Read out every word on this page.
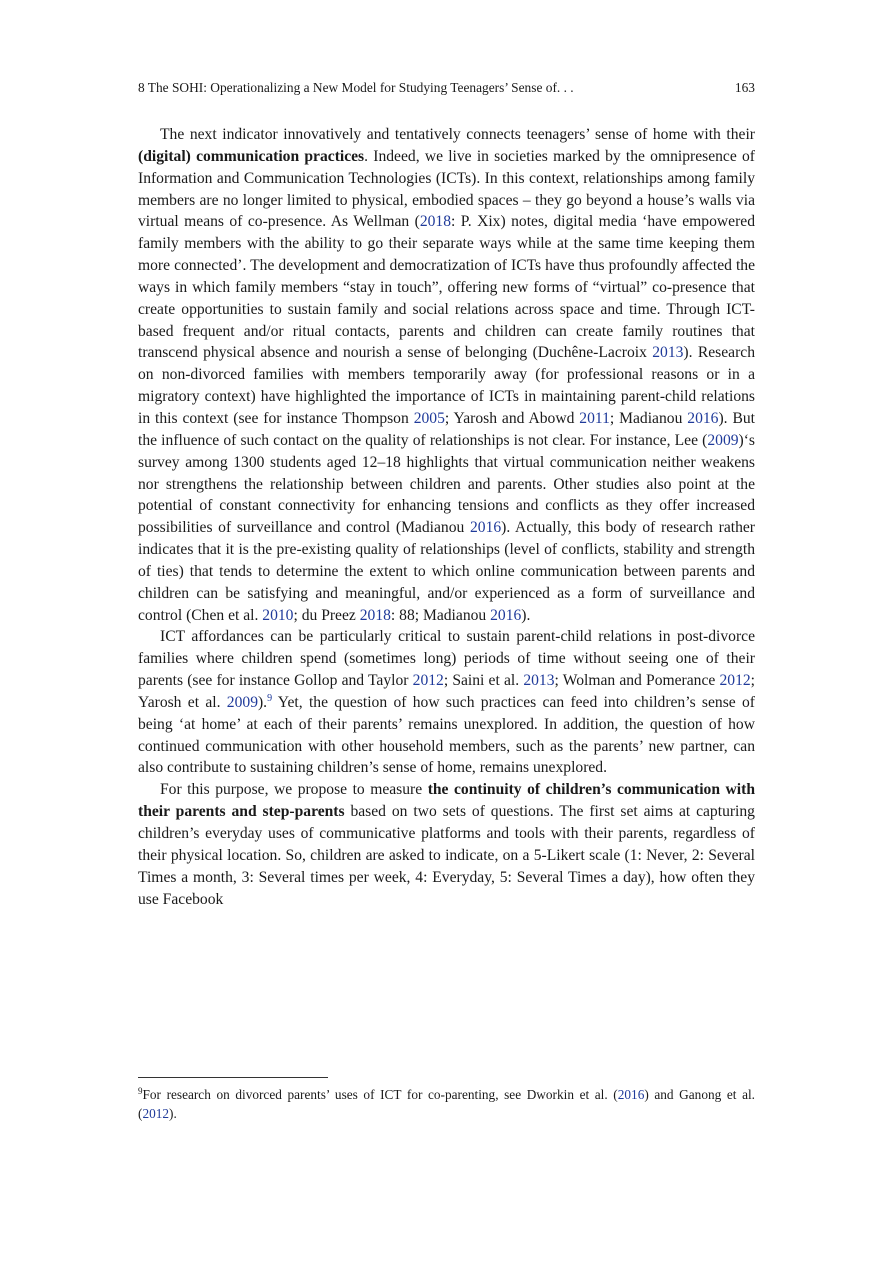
8 The SOHI: Operationalizing a New Model for Studying Teenagers’ Sense of. . .	163

The next indicator innovatively and tentatively connects teenagers’ sense of home with their (digital) communication practices. Indeed, we live in societies marked by the omnipresence of Information and Communication Technologies (ICTs). In this context, relationships among family members are no longer limited to physical, embodied spaces – they go beyond a house’s walls via virtual means of co-presence. As Wellman (2018: P. Xix) notes, digital media ‘have empowered family members with the ability to go their separate ways while at the same time keeping them more connected’. The development and democratization of ICTs have thus profoundly affected the ways in which family members “stay in touch”, offering new forms of “virtual” co-presence that create opportunities to sustain family and social relations across space and time. Through ICT-based frequent and/or ritual contacts, parents and children can create family routines that transcend physical absence and nourish a sense of belonging (Duchêne-Lacroix 2013). Research on non-divorced families with members temporarily away (for professional reasons or in a migratory context) have highlighted the importance of ICTs in maintaining parent-child relations in this context (see for instance Thompson 2005; Yarosh and Abowd 2011; Madianou 2016). But the influence of such contact on the quality of relationships is not clear. For instance, Lee (2009)‘s survey among 1300 students aged 12–18 highlights that virtual communication neither weakens nor strengthens the relationship between children and parents. Other studies also point at the potential of constant connectivity for enhancing tensions and conflicts as they offer increased possibilities of surveillance and control (Madianou 2016). Actually, this body of research rather indicates that it is the pre-existing quality of relationships (level of conflicts, stability and strength of ties) that tends to determine the extent to which online communication between parents and children can be satisfying and meaningful, and/or experienced as a form of surveillance and control (Chen et al. 2010; du Preez 2018: 88; Madianou 2016).

ICT affordances can be particularly critical to sustain parent-child relations in post-divorce families where children spend (sometimes long) periods of time without seeing one of their parents (see for instance Gollop and Taylor 2012; Saini et al. 2013; Wolman and Pomerance 2012; Yarosh et al. 2009).$^9$ Yet, the question of how such practices can feed into children’s sense of being ‘at home’ at each of their parents’ remains unexplored. In addition, the question of how continued communication with other household members, such as the parents’ new partner, can also contribute to sustaining children’s sense of home, remains unexplored.

For this purpose, we propose to measure the continuity of children’s communication with their parents and step-parents based on two sets of questions. The first set aims at capturing children’s everyday uses of communicative platforms and tools with their parents, regardless of their physical location. So, children are asked to indicate, on a 5-Likert scale (1: Never, 2: Several Times a month, 3: Several times per week, 4: Everyday, 5: Several Times a day), how often they use Facebook

$^9$For research on divorced parents’ uses of ICT for co-parenting, see Dworkin et al. (2016) and Ganong et al. (2012).
